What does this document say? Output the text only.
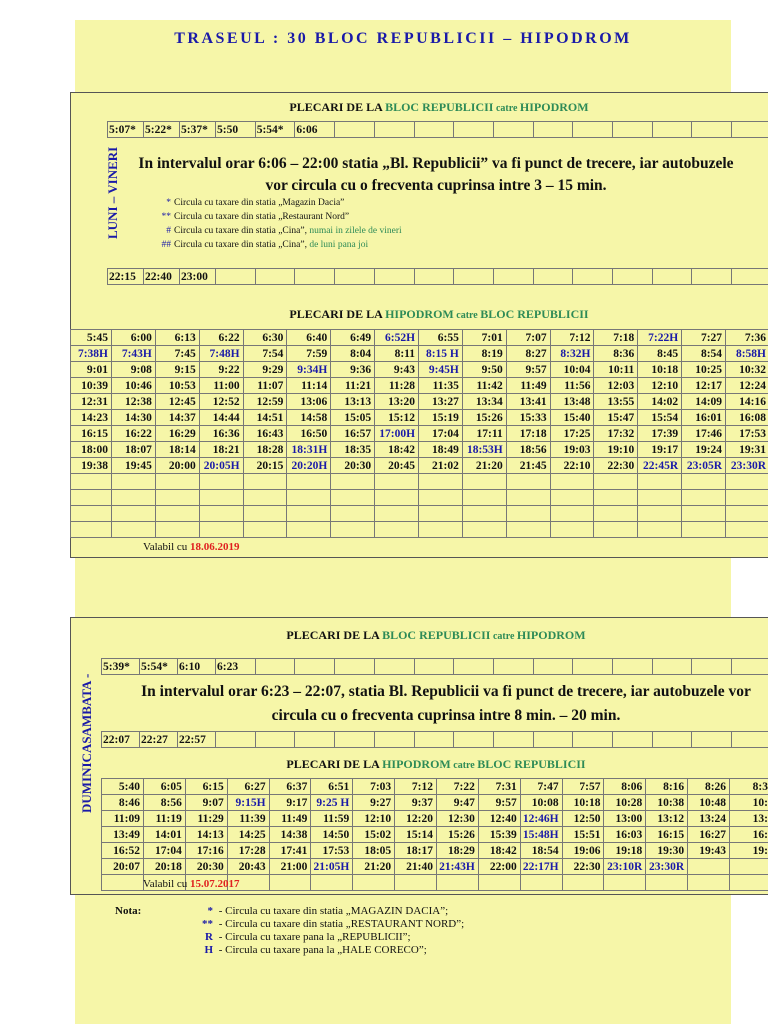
TRASEUL : 30 BLOC REPUBLICII – HIPODROM
LUNI – VINERI
PLECARI DE LA BLOC REPUBLICII catre HIPODROM
5:07*	5:22*	5:37*	5:50	5:54*	6:06											
In intervalul orar 6:06 – 22:00 statia „Bl. Republicii” va fi punct de trecere, iar autobuzele vor circula cu o frecventa cuprinsa intre 3 – 15 min.
* Circula cu taxare din statia „Magazin Dacia”
** Circula cu taxare din statia „Restaurant Nord”
# Circula cu taxare din statia „Cina”, numai in zilele de vineri
## Circula cu taxare din statia „Cina”, de luni pana joi
22:15	22:40	23:00														
PLECARI DE LA HIPODROM catre BLOC REPUBLICII
5:45	6:00	6:13	6:22	6:30	6:40	6:49	6:52H	6:55	7:01	7:07	7:12	7:18	7:22H	7:27	7:36
7:38H	7:43H	7:45	7:48H	7:54	7:59	8:04	8:11	8:15 H	8:19	8:27	8:32H	8:36	8:45	8:54	8:58H
9:01	9:08	9:15	9:22	9:29	9:34H	9:36	9:43	9:45H	9:50	9:57	10:04	10:11	10:18	10:25	10:32
10:39	10:46	10:53	11:00	11:07	11:14	11:21	11:28	11:35	11:42	11:49	11:56	12:03	12:10	12:17	12:24
12:31	12:38	12:45	12:52	12:59	13:06	13:13	13:20	13:27	13:34	13:41	13:48	13:55	14:02	14:09	14:16
14:23	14:30	14:37	14:44	14:51	14:58	15:05	15:12	15:19	15:26	15:33	15:40	15:47	15:54	16:01	16:08
16:15	16:22	16:29	16:36	16:43	16:50	16:57	17:00H	17:04	17:11	17:18	17:25	17:32	17:39	17:46	17:53
18:00	18:07	18:14	18:21	18:28	18:31H	18:35	18:42	18:49	18:53H	18:56	19:03	19:10	19:17	19:24	19:31
19:38	19:45	20:00	20:05H	20:15	20:20H	20:30	20:45	21:02	21:20	21:45	22:10	22:30	22:45R	23:05R	23:30R

Valabil cu 18.06.2019
DUMINICASAMBATA -
PLECARI DE LA BLOC REPUBLICII catre HIPODROM
5:39*	5:54*	6:10	6:23													
In intervalul orar 6:23 – 22:07, statia Bl. Republicii va fi punct de trecere, iar autobuzele vor circula cu o frecventa cuprinsa intre 8 min. – 20 min.
22:07	22:27	22:57														
PLECARI DE LA HIPODROM catre BLOC REPUBLICII
5:40	6:05	6:15	6:27	6:37	6:51	7:03	7:12	7:22	7:31	7:47	7:57	8:06	8:16	8:26	8:3
8:46	8:56	9:07	9:15H	9:17	9:25 H	9:27	9:37	9:47	9:57	10:08	10:18	10:28	10:38	10:48	10:
11:09	11:19	11:29	11:39	11:49	11:59	12:10	12:20	12:30	12:40	12:46H	12:50	13:00	13:12	13:24	13:
13:49	14:01	14:13	14:25	14:38	14:50	15:02	15:14	15:26	15:39	15:48H	15:51	16:03	16:15	16:27	16:
16:52	17:04	17:16	17:28	17:41	17:53	18:05	18:17	18:29	18:42	18:54	19:06	19:18	19:30	19:43	19:
20:07	20:18	20:30	20:43	21:00	21:05H	21:20	21:40	21:43H	22:00	22:17H	22:30	23:10R	23:30R		

Valabil cu 15.07.2017
Nota:	* - Circula cu taxare din statia „MAGAZIN DACIA”;
** - Circula cu taxare din statia „RESTAURANT NORD”;
R - Circula cu taxare pana la „REPUBLICII”;
H - Circula cu taxare pana la „HALE CORECO”;
